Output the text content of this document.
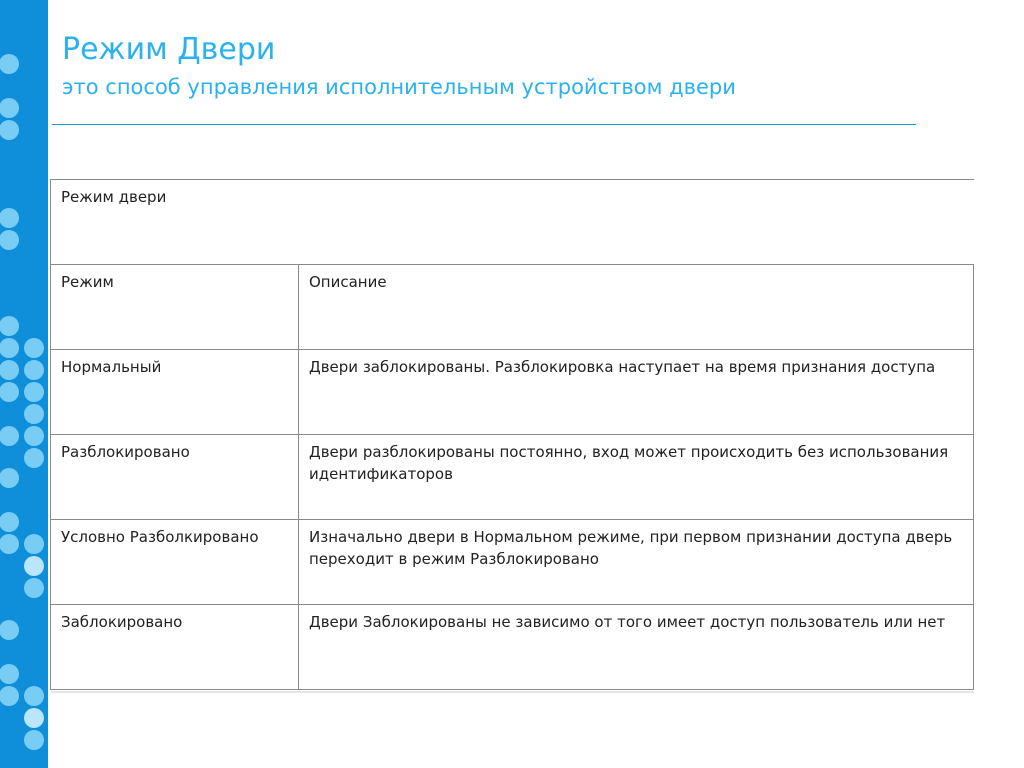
Режим Двери
это способ управления исполнительным устройством двери
Режим двери	
Режим	Описание
Нормальный	Двери заблокированы. Разблокировка наступает на время признания доступа
Разблокировано	Двери разблокированы постоянно, вход может происходить без использования идентификаторов
Условно Разболкировано	Изначально двери в Нормальном режиме, при первом признании доступа дверь переходит в режим Разблокировано
Заблокировано	Двери Заблокированы не зависимо от того имеет доступ пользователь или нет
